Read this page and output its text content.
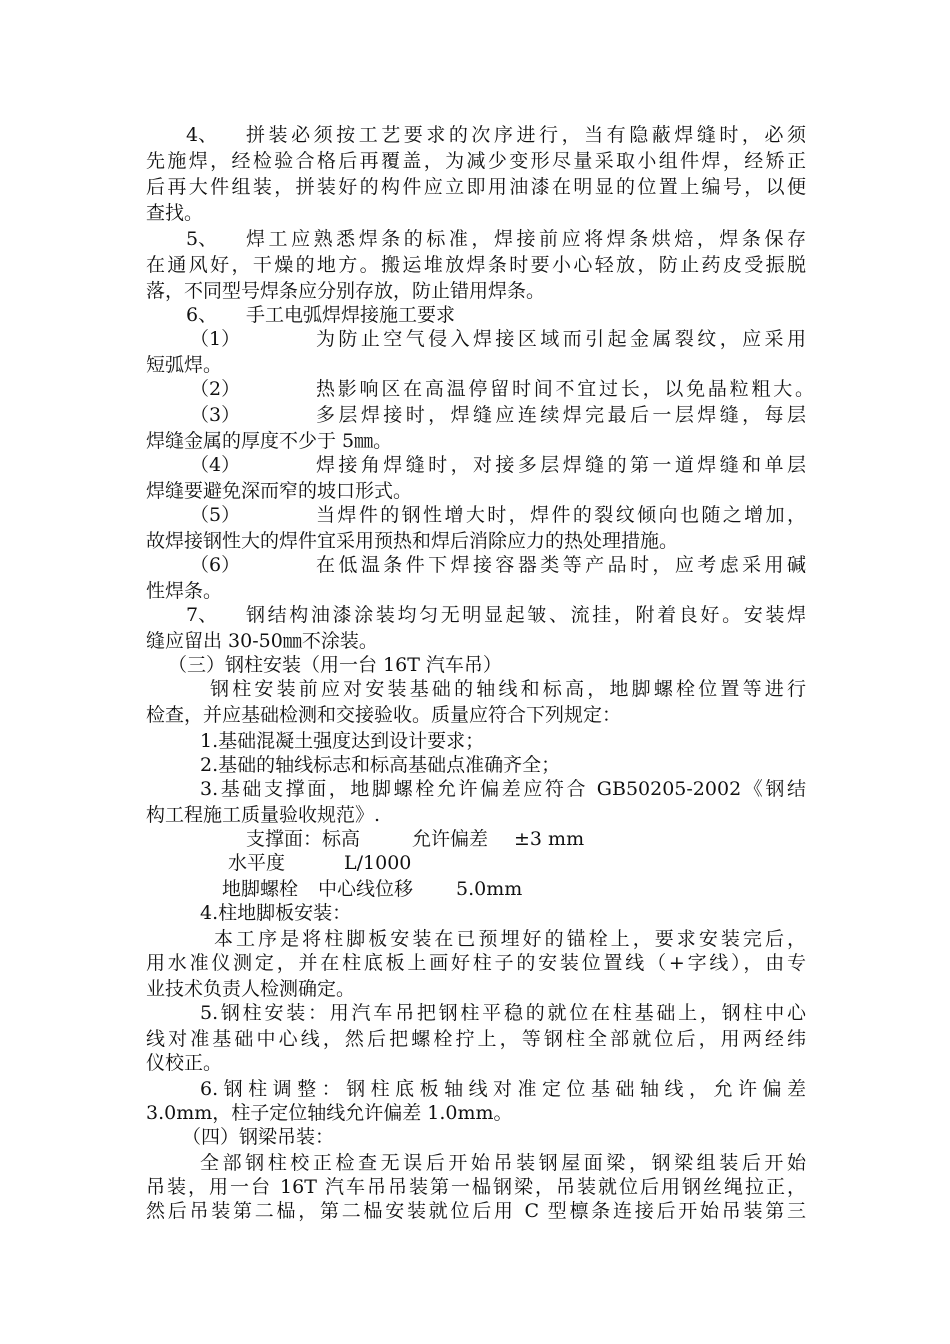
4、 拼装必须按工艺要求的次序进行，当有隐蔽焊缝时，必须
先施焊，经检验合格后再覆盖，为减少变形尽量采取小组件焊，经矫正
后再大件组装，拼装好的构件应立即用油漆在明显的位置上编号，以便
查找。
5、 焊工应熟悉焊条的标准，焊接前应将焊条烘焙，焊条保存
在通风好，干燥的地方。搬运堆放焊条时要小心轻放，防止药皮受振脱
落，不同型号焊条应分别存放，防止错用焊条。
6、 手工电弧焊焊接施工要求
（1）	为防止空气侵入焊接区域而引起金属裂纹，应采用
短弧焊。
（2）	热影响区在高温停留时间不宜过长，以免晶粒粗大。
（3）	多层焊接时，焊缝应连续焊完最后一层焊缝，每层
焊缝金属的厚度不少于 5㎜。
（4）	焊接角焊缝时，对接多层焊缝的第一道焊缝和单层
焊缝要避免深而窄的坡口形式。
（5）	当焊件的钢性增大时，焊件的裂纹倾向也随之增加，
故焊接钢性大的焊件宜采用预热和焊后消除应力的热处理措施。
（6）	在低温条件下焊接容器类等产品时，应考虑采用碱
性焊条。
7、 钢结构油漆涂装均匀无明显起皱、流挂，附着良好。安装焊
缝应留出 30-50㎜不涂装。
（三）钢柱安装（用一台 16T 汽车吊）
钢柱安装前应对安装基础的轴线和标高，地脚螺栓位置等进行
检查，并应基础检测和交接验收。质量应符合下列规定：
1.基础混凝土强度达到设计要求；
2.基础的轴线标志和标高基础点准确齐全；
3.基础支撑面，地脚螺栓允许偏差应符合 GB50205-2002《钢结
构工程施工质量验收规范》.
支撑面：标高	允许偏差 ±3 mm
水平度	L/1000
地脚螺栓 中心线位移 5.0mm
4.柱地脚板安装：
本工序是将柱脚板安装在已预埋好的锚栓上，要求安装完后，
用水准仪测定，并在柱底板上画好柱子的安装位置线（+字线），由专
业技术负责人检测确定。
5.钢柱安装：用汽车吊把钢柱平稳的就位在柱基础上，钢柱中心
线对准基础中心线，然后把螺栓拧上，等钢柱全部就位后，用两经纬
仪校正。
6.钢柱调整：钢柱底板轴线对准定位基础轴线，允许偏差
3.0mm，柱子定位轴线允许偏差 1.0mm。
（四）钢梁吊装：
全部钢柱校正检查无误后开始吊装钢屋面梁，钢梁组装后开始
吊装，用一台 16T 汽车吊吊装第一榀钢梁，吊装就位后用钢丝绳拉正，
然后吊装第二榀，第二榀安装就位后用 C 型檩条连接后开始吊装第三
